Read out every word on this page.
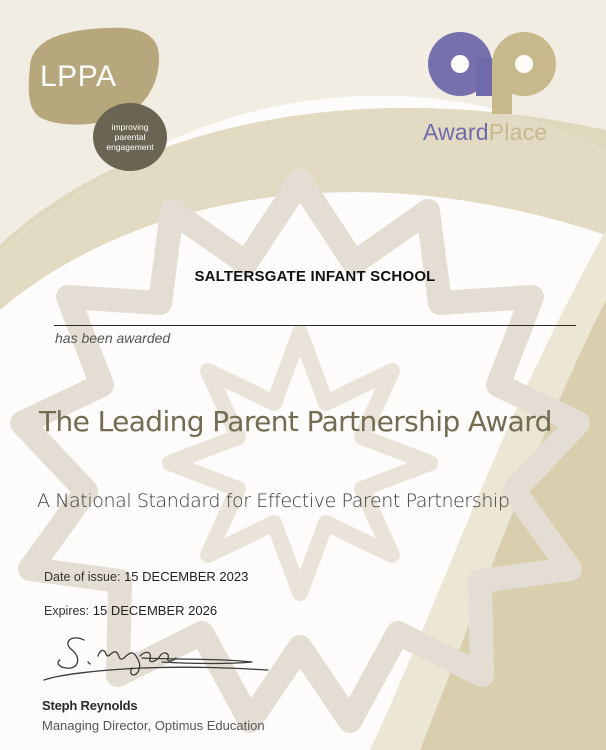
LPPA
improving
parental
engagement
AwardPlace
SALTERSGATE INFANT SCHOOL
has been awarded
The Leading Parent Partnership Award
A National Standard for Effective Parent Partnership
Date of issue: 15 DECEMBER 2023
Expires: 15 DECEMBER 2026
Steph Reynolds
Managing Director, Optimus Education
